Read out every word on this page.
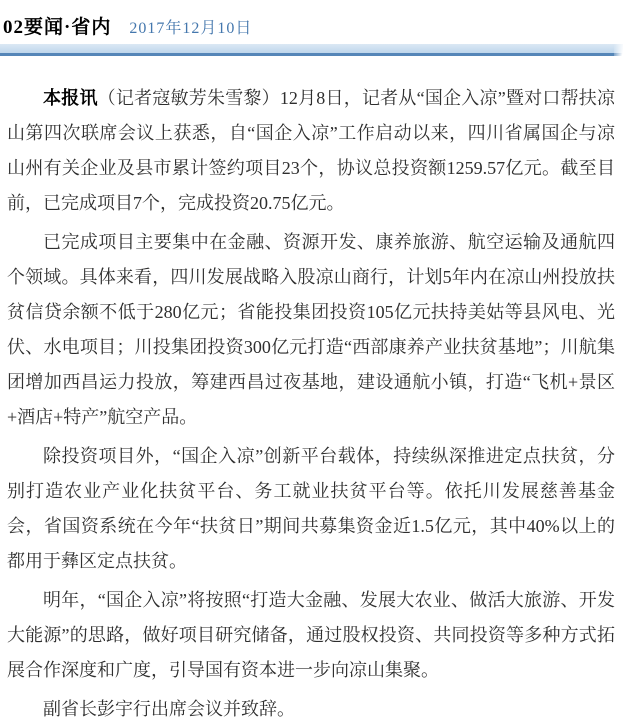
02要闻·省内 2017年12月10日

本报讯（记者寇敏芳朱雪黎）12月8日，记者从“国企入凉”暨对口帮扶凉山第四次联席会议上获悉，自“国企入凉”工作启动以来，四川省属国企与凉山州有关企业及县市累计签约项目23个，协议总投资额1259.57亿元。截至目前，已完成项目7个，完成投资20.75亿元。

已完成项目主要集中在金融、资源开发、康养旅游、航空运输及通航四个领域。具体来看，四川发展战略入股凉山商行，计划5年内在凉山州投放扶贫信贷余额不低于280亿元；省能投集团投资105亿元扶持美姑等县风电、光伏、水电项目；川投集团投资300亿元打造“西部康养产业扶贫基地”；川航集团增加西昌运力投放，筹建西昌过夜基地，建设通航小镇，打造“飞机+景区+酒店+特产”航空产品。

除投资项目外，“国企入凉”创新平台载体，持续纵深推进定点扶贫，分别打造农业产业化扶贫平台、务工就业扶贫平台等。依托川发展慈善基金会，省国资系统在今年“扶贫日”期间共募集资金近1.5亿元，其中40%以上的都用于彝区定点扶贫。

明年，“国企入凉”将按照“打造大金融、发展大农业、做活大旅游、开发大能源”的思路，做好项目研究储备，通过股权投资、共同投资等多种方式拓展合作深度和广度，引导国有资本进一步向凉山集聚。

副省长彭宇行出席会议并致辞。
